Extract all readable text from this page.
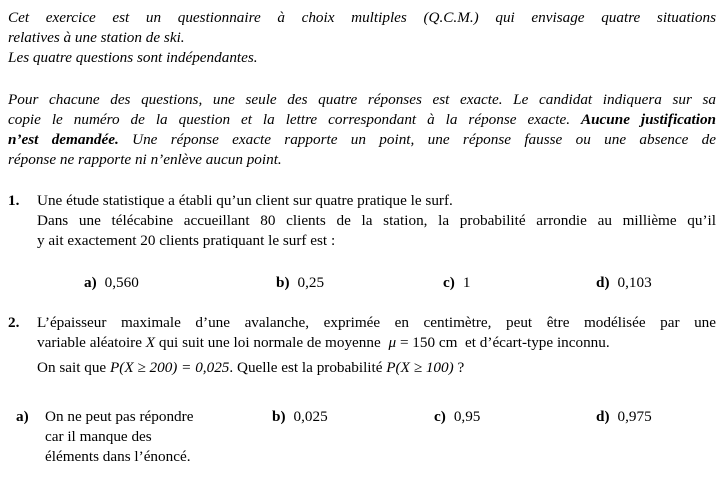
Cet exercice est un questionnaire à choix multiples (Q.C.M.) qui envisage quatre situations
relatives à une station de ski.
Les quatre questions sont indépendantes.
Pour chacune des questions, une seule des quatre réponses est exacte. Le candidat indiquera sur sa
copie le numéro de la question et la lettre correspondant à la réponse exacte. Aucune justification
n’est demandée. Une réponse exacte rapporte un point, une réponse fausse ou une absence de
réponse ne rapporte ni n’enlève aucun point.
1. Une étude statistique a établi qu’un client sur quatre pratique le surf.
Dans une télécabine accueillant 80 clients de la station, la probabilité arrondie au millième qu’il
y ait exactement 20 clients pratiquant le surf est :
a) 0,560	b) 0,25	c) 1	d) 0,103
2. L’épaisseur maximale d’une avalanche, exprimée en centimètre, peut être modélisée par une
variable aléatoire X qui suit une loi normale de moyenne μ = 150 cm  et d’écart-type inconnu.
On sait que P(X ≥ 200) = 0,025. Quelle est la probabilité P(X ≥ 100) ?
a)	On ne peut pas répondre
car il manque des
éléments dans l’énoncé.
b) 0,025	c) 0,95	d) 0,975
